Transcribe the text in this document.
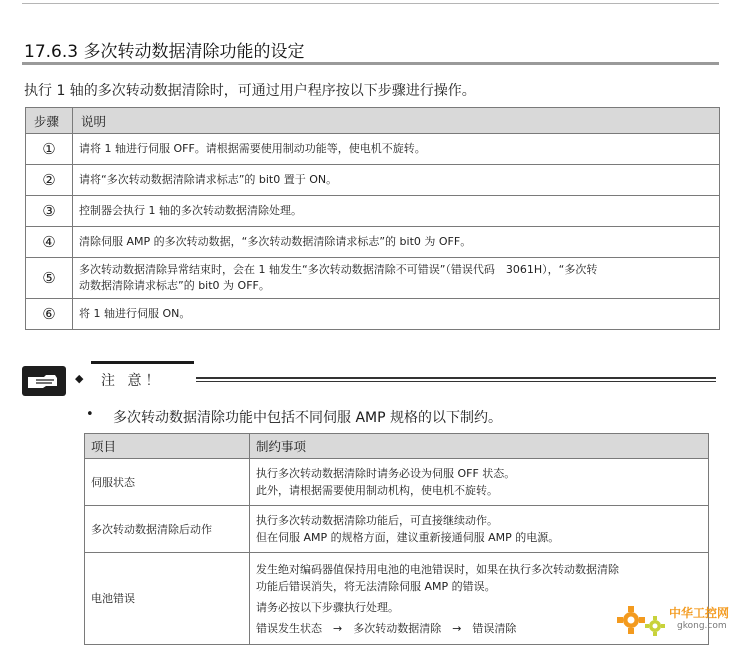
17.6.3 多次转动数据清除功能的设定
执行 1 轴的多次转动数据清除时，可通过用户程序按以下步骤进行操作。
步骤	说明
①	请将 1 轴进行伺服 OFF。请根据需要使用制动功能等，使电机不旋转。

②	请将“多次转动数据清除请求标志”的 bit0 置于 ON。

③	控制器会执行 1 轴的多次转动数据清除处理。

④	清除伺服 AMP 的多次转动数据，“多次转动数据清除请求标志”的 bit0 为 OFF。

⑤	多次转动数据清除异常结束时，会在 1 轴发生“多次转动数据清除不可错误”（错误代码　3061H），“多次转
动数据清除请求标志”的 bit0 为 OFF。

⑥	将 1 轴进行伺服 ON。
◆ 注 意！
• 多次转动数据清除功能中包括不同伺服 AMP 规格的以下制约。
项目	制约事项
伺服状态	执行多次转动数据清除时请务必设为伺服 OFF 状态。
此外，请根据需要使用制动机构，使电机不旋转。

多次转动数据清除后动作	执行多次转动数据清除功能后，可直接继续动作。
但在伺服 AMP 的规格方面，建议重新接通伺服 AMP 的电源。

电池错误	发生绝对编码器值保持用电池的电池错误时，如果在执行多次转动数据清除
功能后错误消失，将无法清除伺服 AMP 的错误。
请务必按以下步骤执行处理。
错误发生状态　→　多次转动数据清除　→　错误清除
中华工控网
gkong.com
